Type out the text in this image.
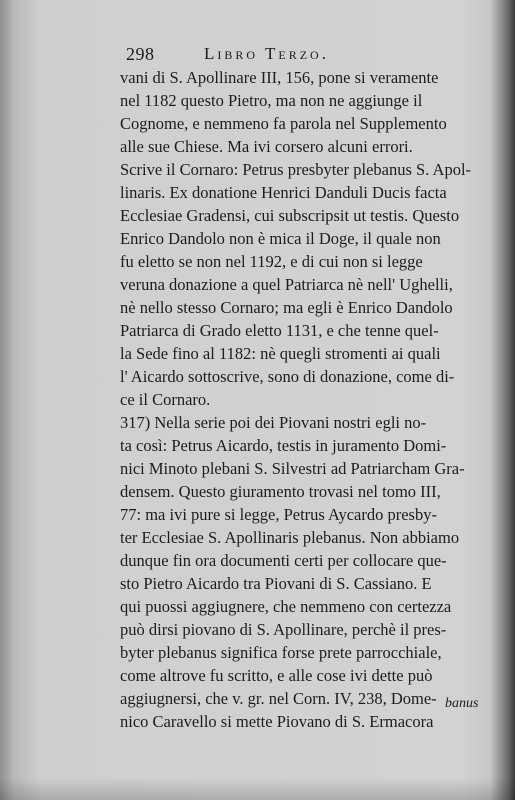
298	Libro Terzo.
vani di S. Apollinare III, 156, pone si veramente
nel 1182 questo Pietro, ma non ne aggiunge il
Cognome, e nemmeno fa parola nel Supplemento
alle sue Chiese. Ma ivi corsero alcuni errori.
Scrive il Cornaro: Petrus presbyter plebanus S. Apol-
linaris. Ex donatione Henrici Danduli Ducis facta
Ecclesiae Gradensi, cui subscripsit ut testis. Questo
Enrico Dandolo non è mica il Doge, il quale non
fu eletto se non nel 1192, e di cui non si legge
veruna donazione a quel Patriarca nè nell' Ughelli,
nè nello stesso Cornaro; ma egli è Enrico Dandolo
Patriarca di Grado eletto 1131, e che tenne quel-
la Sede fino al 1182: nè quegli stromenti ai quali
l' Aicardo sottoscrive, sono di donazione, come di-
ce il Cornaro.
317) Nella serie poi dei Piovani nostri egli no-
ta così: Petrus Aicardo, testis in juramento Domi-
nici Minoto plebani S. Silvestri ad Patriarcham Gra-
densem. Questo giuramento trovasi nel tomo III,
77: ma ivi pure si legge, Petrus Aycardo presby-
ter Ecclesiae S. Apollinaris plebanus. Non abbiamo
dunque fin ora documenti certi per collocare que-
sto Pietro Aicardo tra Piovani di S. Cassiano. E
qui puossi aggiugnere, che nemmeno con certezza
può dirsi piovano di S. Apollinare, perchè il pres-
byter plebanus significa forse prete parrocchiale,
come altrove fu scritto, e alle cose ivi dette può
aggiugnersi, che v. gr. nel Corn. IV, 238, Dome-
nico Caravello si mette Piovano di S. Ermacora
banus
